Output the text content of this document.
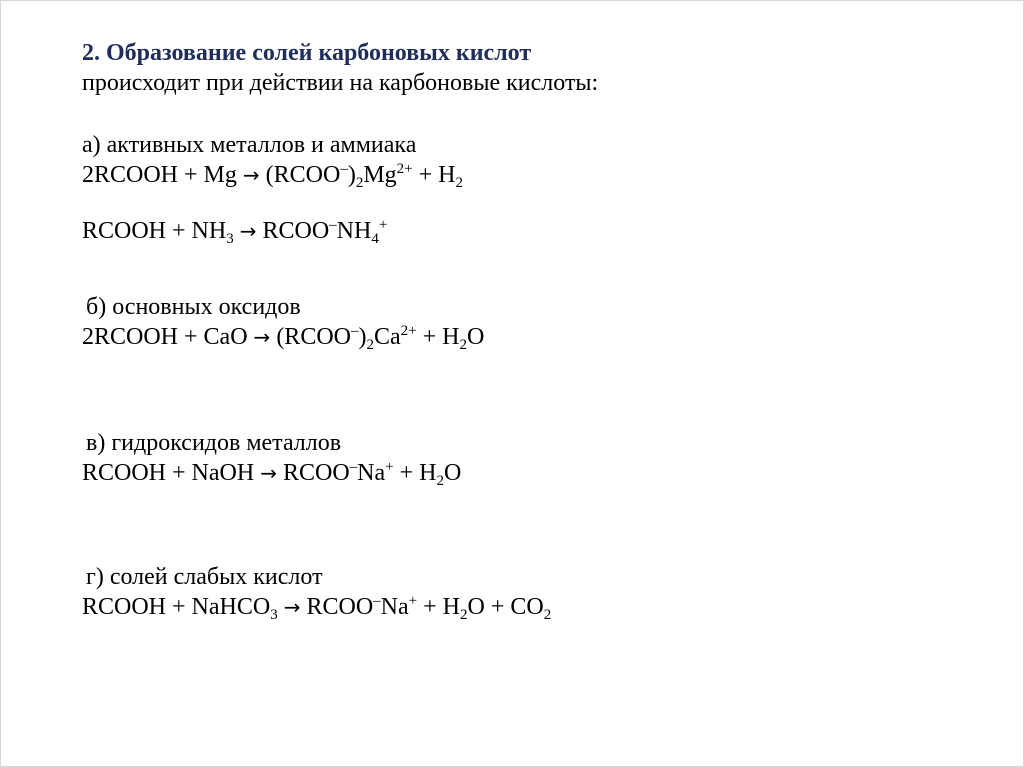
2. Образование солей карбоновых кислот

происходит при действии на карбоновые кислоты:

а) активных металлов и аммиака

2RCOOH + $Mg \to (RCOO^-)_2Mg^{2+} + H_2$

RCOOH + $NH_3$ → $RCOO^-NH_4^+$

б) основных оксидов

2RCOOH + CaO → $(RCOO^-)_2Ca^{2+} + H_2O$

в) гидроксидов металлов

RCOOH + NaOH → RCOO–Na+ + $H_2O$

г) солей слабых кислот

RCOOH + NaHCO$_3$ → RCOO–Na+ + $H_2O + CO_2$
